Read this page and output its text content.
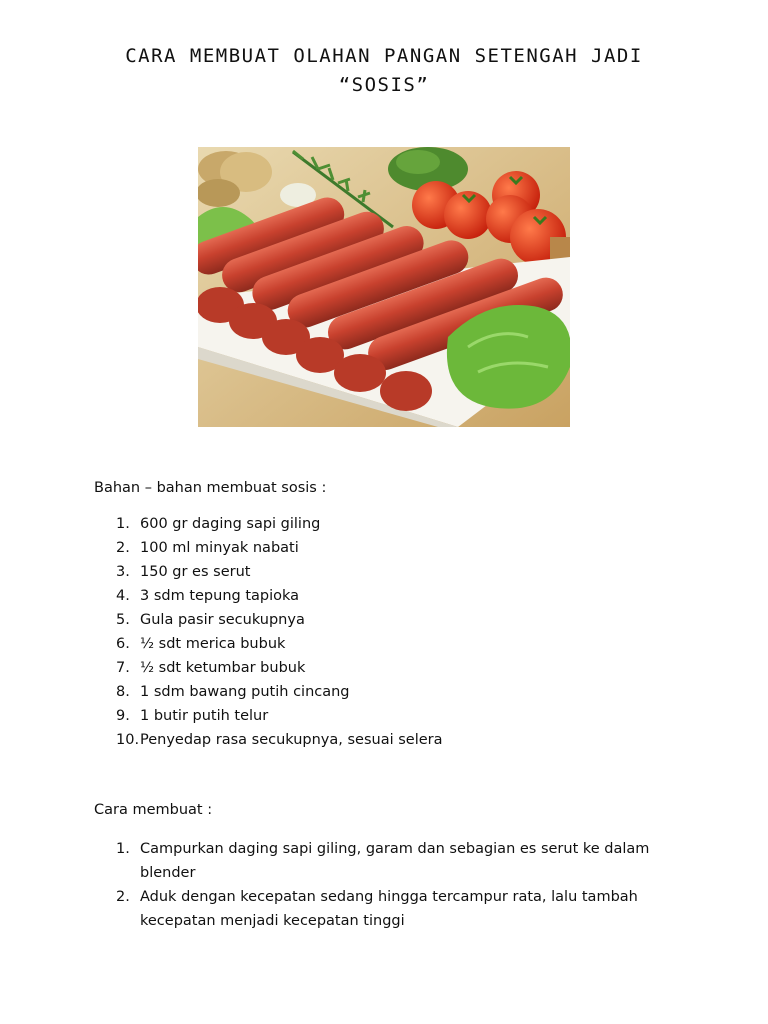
CARA MEMBUAT OLAHAN PANGAN SETENGAH JADI
“SOSIS”
Bahan – bahan membuat sosis :
1. 600 gr daging sapi giling
2. 100 ml minyak nabati
3. 150 gr es serut
4. 3 sdm tepung tapioka
5. Gula pasir secukupnya
6. ½ sdt merica bubuk
7. ½ sdt ketumbar bubuk
8. 1 sdm bawang putih cincang
9. 1 butir putih telur
10. Penyedap rasa secukupnya, sesuai selera
Cara membuat :
1. Campurkan daging sapi giling, garam dan sebagian es serut ke dalam blender
2. Aduk dengan kecepatan sedang hingga tercampur rata, lalu tambah kecepatan menjadi kecepatan tinggi
